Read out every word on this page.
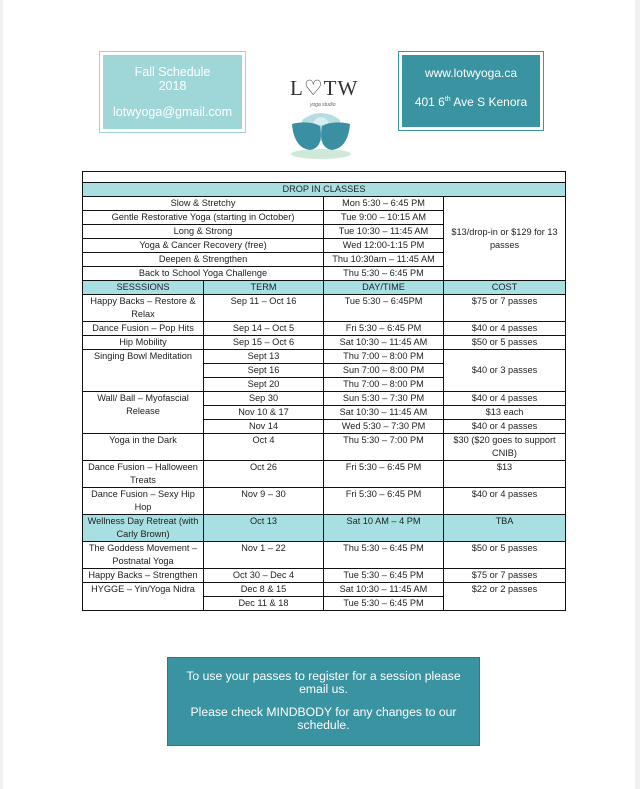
Fall Schedule
2018
lotwyoga@gmail.com
L♡TW
yoga studio
www.lotwyoga.ca
401 6th Ave S Kenora

DROP IN CLASSES			
Slow & Stretchy		Mon 5:30 – 6:45 PM	$13/drop-in or $129 for 13 passes
Gentle Restorative Yoga (starting in October)		Tue 9:00 – 10:15 AM	
Long & Strong		Tue 10:30 – 11:45 AM	
Yoga & Cancer Recovery (free)		Wed 12:00-1:15 PM	
Deepen & Strengthen		Thu 10:30am – 11:45 AM	
Back to School Yoga Challenge		Thu 5:30 – 6:45 PM	
SESSSIONS	TERM	DAY/TIME	COST
Happy Backs – Restore & Relax	Sep 11 – Oct 16	Tue 5:30 – 6:45PM	$75 or 7 passes
Dance Fusion – Pop Hits	Sep 14 – Oct 5	Fri 5:30 – 6:45 PM	$40 or 4 passes
Hip Mobility	Sep 15 – Oct 6	Sat 10:30 – 11:45 AM	$50 or 5 passes
Singing Bowl Meditation	Sept 13	Thu 7:00 – 8:00 PM	$40 or 3 passes
	Sept 16	Sun 7:00 – 8:00 PM	
	Sept 20	Thu 7:00 – 8:00 PM	
Wall/ Ball – Myofascial Release	Sep 30	Sun 5:30 – 7:30 PM	$40 or 4 passes
	Nov 10 & 17	Sat 10:30 – 11:45 AM	$13 each
	Nov 14	Wed 5:30 – 7:30 PM	$40 or 4 passes
Yoga in the Dark	Oct 4	Thu 5:30 – 7:00 PM	$30 ($20 goes to support CNIB)
Dance Fusion – Halloween Treats	Oct 26	Fri 5:30 – 6:45 PM	$13
Dance Fusion – Sexy Hip Hop	Nov 9 – 30	Fri 5:30 – 6:45 PM	$40 or 4 passes
Wellness Day Retreat (with Carly Brown)	Oct 13	Sat 10 AM – 4 PM	TBA
The Goddess Movement – Postnatal Yoga	Nov 1 – 22	Thu 5:30 – 6:45 PM	$50 or 5 passes
Happy Backs – Strengthen	Oct 30 – Dec 4	Tue 5:30 – 6:45 PM	$75 or 7 passes
HYGGE – Yin/Yoga Nidra	Dec 8 & 15	Sat 10:30 – 11:45 AM	$22 or 2 passes
	Dec 11 & 18	Tue 5:30 – 6:45 PM	
To use your passes to register for a session please email us.
Please check MINDBODY for any changes to our schedule.
